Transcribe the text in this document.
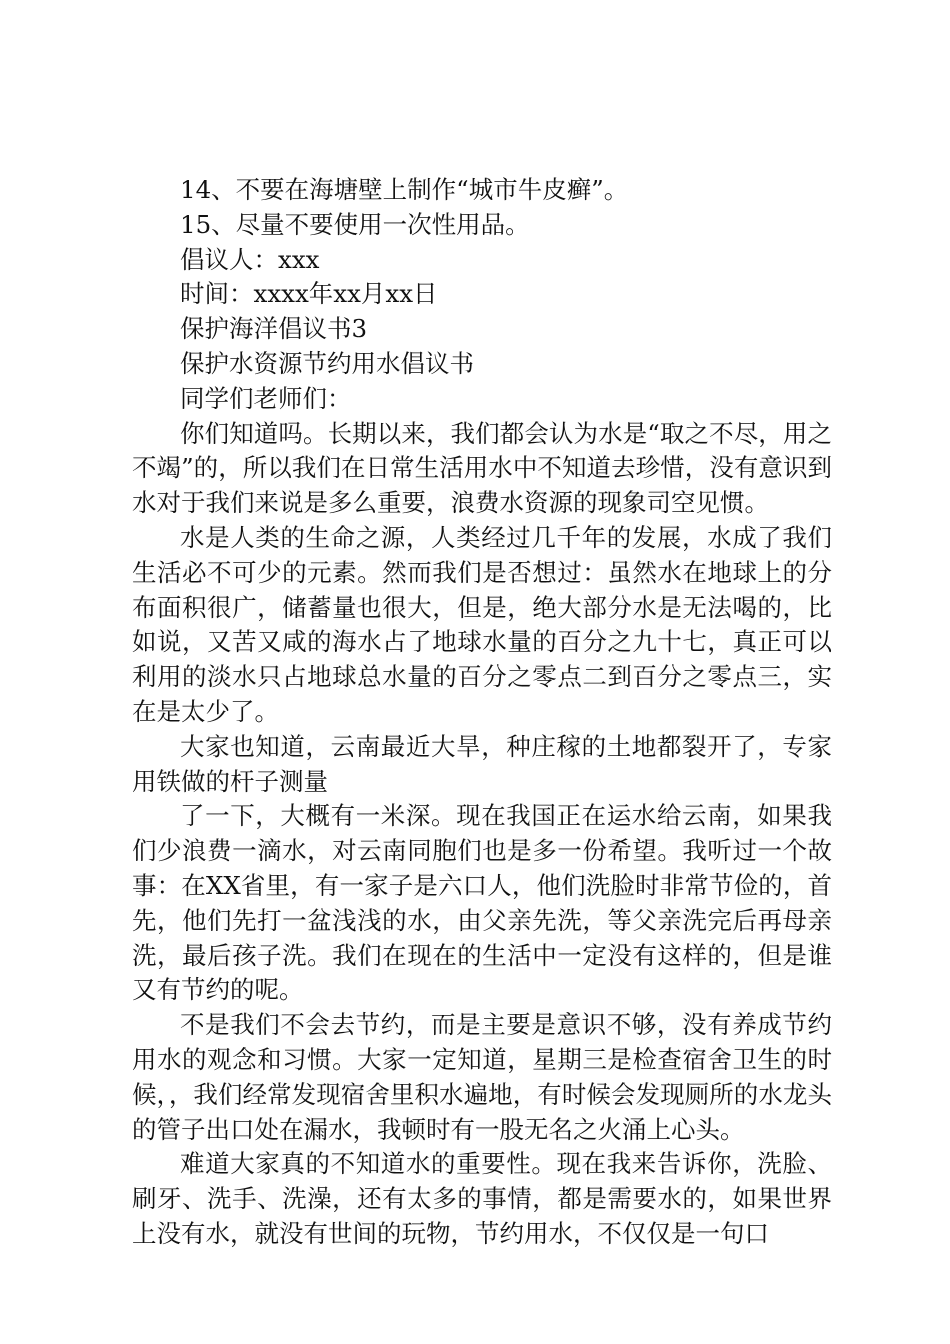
14、不要在海塘壁上制作“城市牛皮癣”。

15、尽量不要使用一次性用品。

倡议人：xxx

时间：xxxx年xx月xx日

保护海洋倡议书3

保护水资源节约用水倡议书

同学们老师们：

你们知道吗。长期以来，我们都会认为水是“取之不尽，用之不竭”的，所以我们在日常生活用水中不知道去珍惜，没有意识到水对于我们来说是多么重要，浪费水资源的现象司空见惯。

水是人类的生命之源，人类经过几千年的发展，水成了我们生活必不可少的元素。然而我们是否想过：虽然水在地球上的分布面积很广，储蓄量也很大，但是，绝大部分水是无法喝的，比如说，又苦又咸的海水占了地球水量的百分之九十七，真正可以利用的淡水只占地球总水量的百分之零点二到百分之零点三，实在是太少了。

大家也知道，云南最近大旱，种庄稼的土地都裂开了，专家用铁做的杆子测量

了一下，大概有一米深。现在我国正在运水给云南，如果我们少浪费一滴水，对云南同胞们也是多一份希望。我听过一个故事：在XX省里，有一家子是六口人，他们洗脸时非常节俭的，首先，他们先打一盆浅浅的水，由父亲先洗，等父亲洗完后再母亲洗，最后孩子洗。我们在现在的生活中一定没有这样的，但是谁又有节约的呢。

不是我们不会去节约，而是主要是意识不够，没有养成节约用水的观念和习惯。大家一定知道，星期三是检查宿舍卫生的时候，，我们经常发现宿舍里积水遍地，有时候会发现厕所的水龙头的管子出口处在漏水，我顿时有一股无名之火涌上心头。

难道大家真的不知道水的重要性。现在我来告诉你，洗脸、刷牙、洗手、洗澡，还有太多的事情，都是需要水的，如果世界上没有水，就没有世间的玩物，节约用水，不仅仅是一句口
